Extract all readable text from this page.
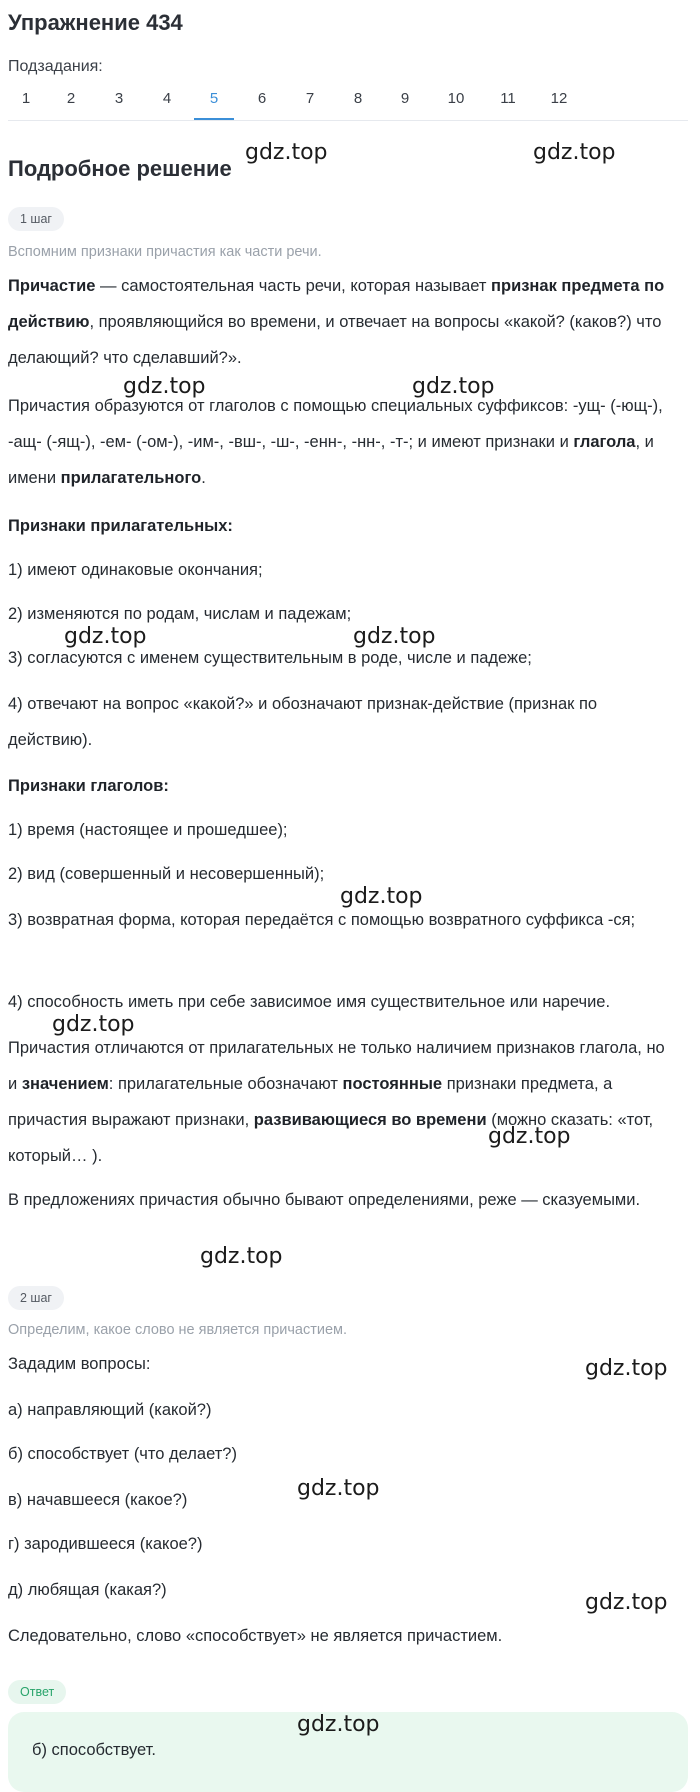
Упражнение 434
Подзадания:
1	2	3	4	5	6	7	8	9	10	11	12
Подробное решение
1 шаг
Вспомним признаки причастия как части речи.
Причастие — самостоятельная часть речи, которая называет признак предмета по действию, проявляющийся во времени, и отвечает на вопросы «какой? (каков?) что делающий? что сделавший?».
Причастия образуются от глаголов с помощью специальных суффиксов: -ущ- (-ющ-), -ащ- (-ящ-), -ем- (-ом-), -им-, -вш-, -ш-, -енн-, -нн-, -т-; и имеют признаки и глагола, и имени прилагательного.
Признаки прилагательных:
1) имеют одинаковые окончания;
2) изменяются по родам, числам и падежам;
3) согласуются с именем существительным в роде, числе и падеже;
4) отвечают на вопрос «какой?» и обозначают признак-действие (признак по действию).
Признаки глаголов:
1) время (настоящее и прошедшее);
2) вид (совершенный и несовершенный);
3) возвратная форма, которая передаётся с помощью возвратного суффикса -ся;
4) способность иметь при себе зависимое имя существительное или наречие.
Причастия отличаются от прилагательных не только наличием признаков глагола, но и значением: прилагательные обозначают постоянные признаки предмета, а причастия выражают признаки, развивающиеся во времени (можно сказать: «тот, который… ).
В предложениях причастия обычно бывают определениями, реже — сказуемыми.
2 шаг
Определим, какое слово не является причастием.
Зададим вопросы:
а) направляющий (какой?)
б) способствует (что делает?)
в) начавшееся (какое?)
г) зародившееся (какое?)
д) любящая (какая?)
Следовательно, слово «способствует» не является причастием.
Ответ
б) способствует.
gdz.top	gdz.top
gdz.top	gdz.top
gdz.top	gdz.top
gdz.top
gdz.top
gdz.top
gdz.top
gdz.top
gdz.top
gdz.top
gdz.top
